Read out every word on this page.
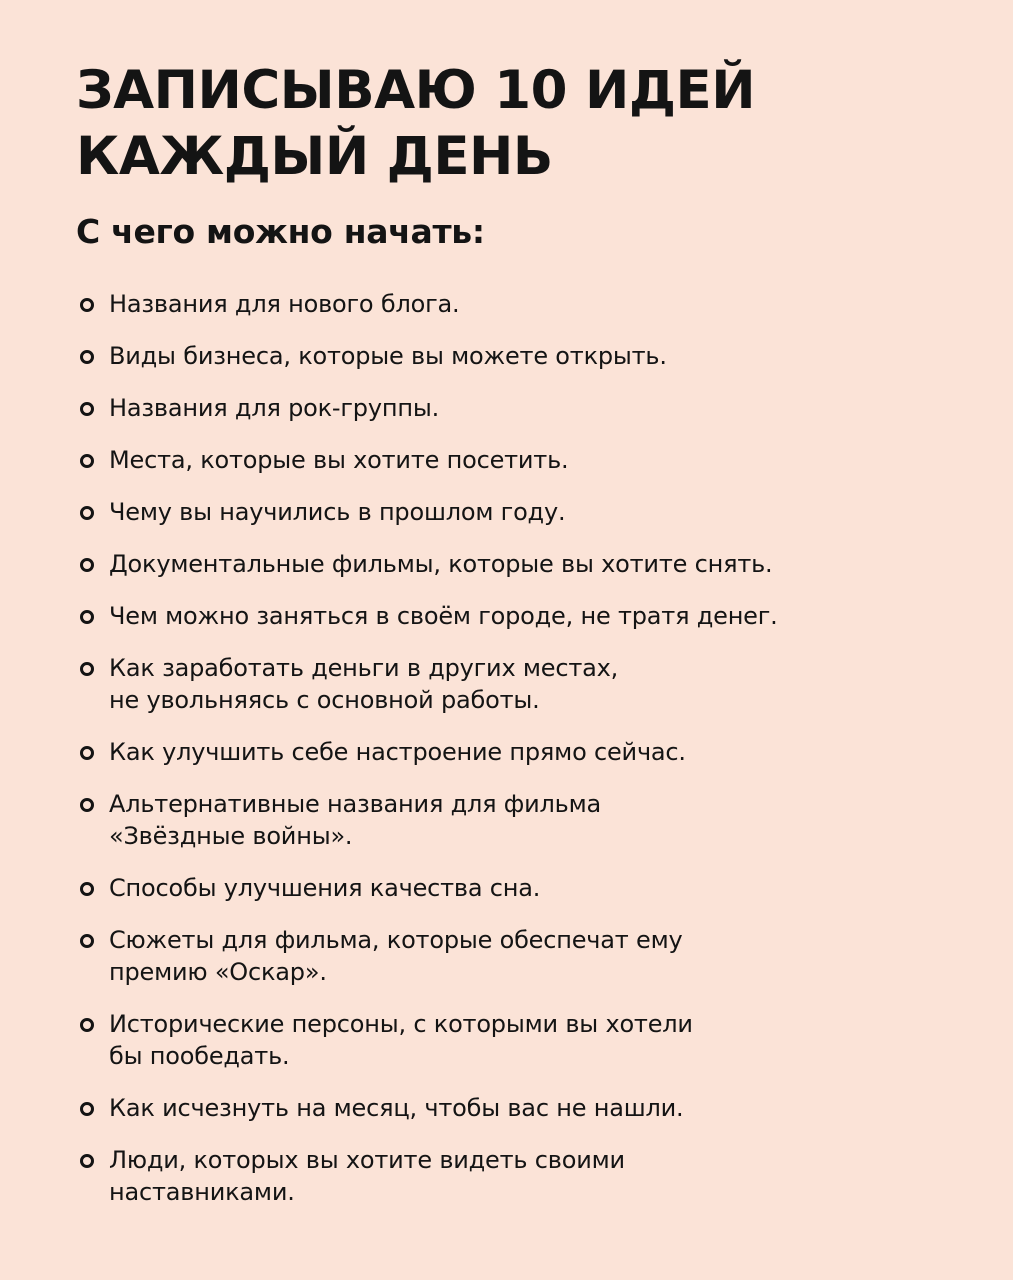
ЗАПИСЫВАЮ 10 ИДЕЙ
КАЖДЫЙ ДЕНЬ
С чего можно начать:
Названия для нового блога.
Виды бизнеса, которые вы можете открыть.
Названия для рок-группы.
Места, которые вы хотите посетить.
Чему вы научились в прошлом году.
Документальные фильмы, которые вы хотите снять.
Чем можно заняться в своём городе, не тратя денег.
Как заработать деньги в других местах,
не увольняясь с основной работы.
Как улучшить себе настроение прямо сейчас.
Альтернативные названия для фильма
«Звёздные войны».
Способы улучшения качества сна.
Сюжеты для фильма, которые обеспечат ему
премию «Оскар».
Исторические персоны, с которыми вы хотели
бы пообедать.
Как исчезнуть на месяц, чтобы вас не нашли.
Люди, которых вы хотите видеть своими
наставниками.
